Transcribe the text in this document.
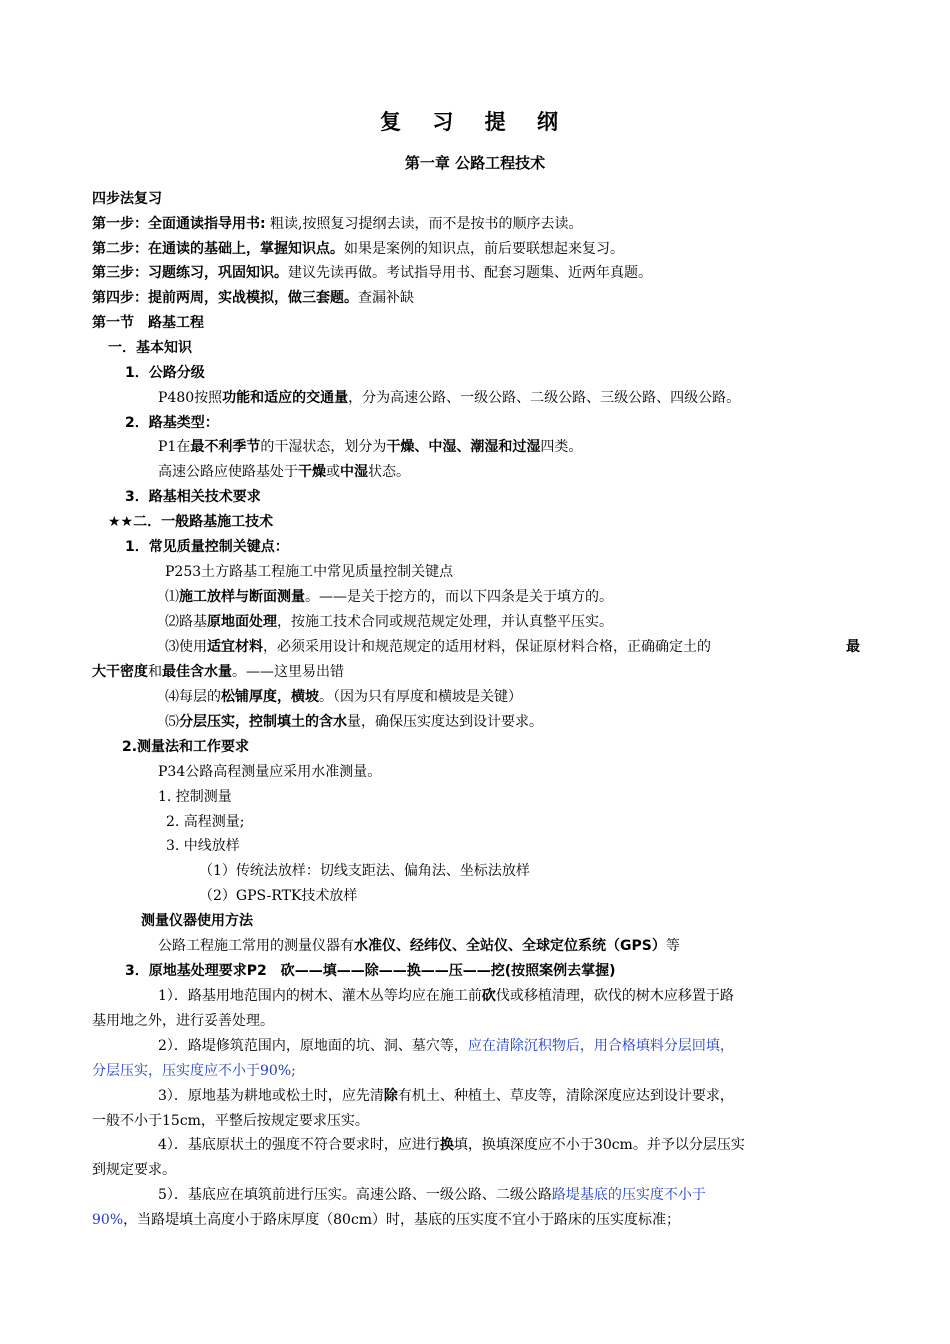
复 习 提 纲
第一章 公路工程技术
四步法复习
第一步：全面通读指导用书: 粗读,按照复习提纲去读，而不是按书的顺序去读。
第二步：在通读的基础上，掌握知识点。如果是案例的知识点，前后要联想起来复习。
第三步：习题练习，巩固知识。建议先读再做。考试指导用书、配套习题集、近两年真题。
第四步：提前两周，实战模拟，做三套题。查漏补缺
第一节　路基工程
一．基本知识
1．公路分级
P480按照功能和适应的交通量，分为高速公路、一级公路、二级公路、三级公路、四级公路。
2．路基类型：
P1在最不利季节的干湿状态，划分为干燥、中湿、潮湿和过湿四类。
高速公路应使路基处于干燥或中湿状态。
3．路基相关技术要求
★★二．一般路基施工技术
1．常见质量控制关键点：
P253土方路基工程施工中常见质量控制关键点
⑴施工放样与断面测量。——是关于挖方的，而以下四条是关于填方的。
⑵路基原地面处理，按施工技术合同或规范规定处理，并认真整平压实。
⑶使用适宜材料，必须采用设计和规范规定的适用材料，保证原材料合格，正确确定土的	最
大干密度和最佳含水量。——这里易出错
⑷每层的松铺厚度，横坡。（因为只有厚度和横坡是关键）
⑸分层压实，控制填土的含水量，确保压实度达到设计要求。
2.测量法和工作要求
P34公路高程测量应采用水准测量。
1. 控制测量
2. 高程测量;
3. 中线放样
（1）传统法放样：切线支距法、偏角法、坐标法放样
（2）GPS-RTK技术放样
测量仪器使用方法
公路工程施工常用的测量仪器有水准仪、经纬仪、全站仪、全球定位系统（GPS）等
3．原地基处理要求P2　砍——填——除——换——压——挖(按照案例去掌握)
1）．路基用地范围内的树木、灌木丛等均应在施工前砍伐或移植清理，砍伐的树木应移置于路
基用地之外，进行妥善处理。
2）．路堤修筑范围内，原地面的坑、洞、墓穴等，应在清除沉积物后，用合格填料分层回填，
分层压实，压实度应不小于90%;
3）．原地基为耕地或松土时，应先清除有机土、种植土、草皮等，清除深度应达到设计要求，
一般不小于15cm，平整后按规定要求压实。
4）．基底原状土的强度不符合要求时，应进行换填，换填深度应不小于30cm。并予以分层压实
到规定要求。
5）．基底应在填筑前进行压实。高速公路、一级公路、二级公路路堤基底的压实度不小于
90%，当路堤填土高度小于路床厚度（80cm）时，基底的压实度不宜小于路床的压实度标准；
